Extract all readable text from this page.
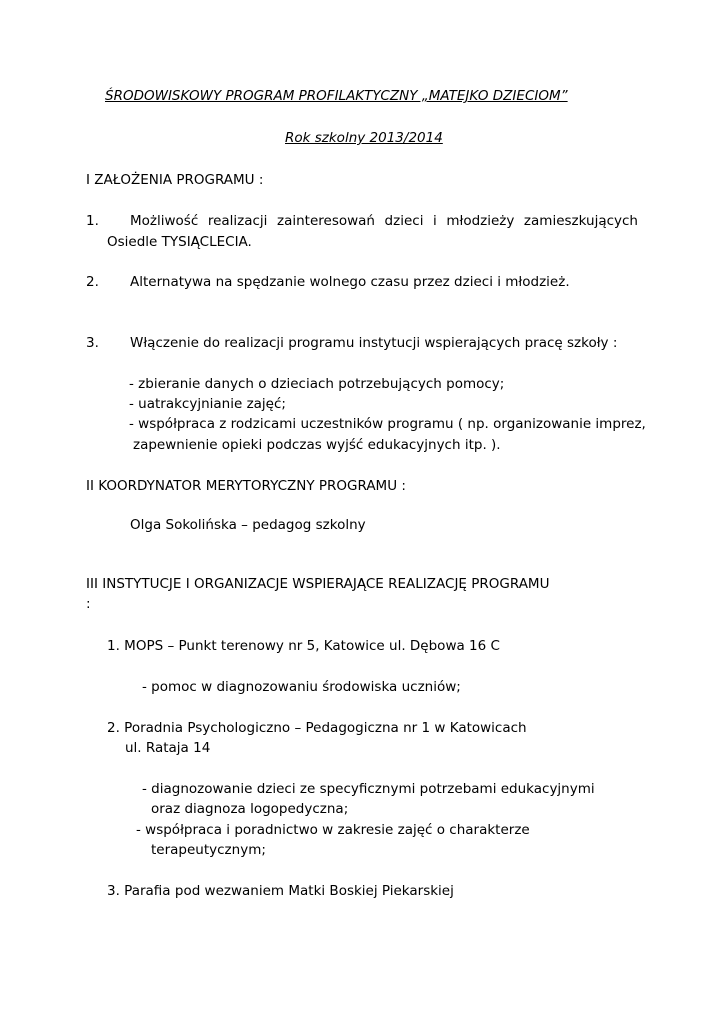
ŚRODOWISKOWY PROGRAM PROFILAKTYCZNY „MATEJKO DZIECIOM”
Rok szkolny 2013/2014
I ZAŁOŻENIA PROGRAMU :
1. Możliwość realizacji zainteresowań dzieci i młodzieży zamieszkujących
Osiedle TYSIĄCLECIA.
2. Alternatywa na spędzanie wolnego czasu przez dzieci i młodzież.
3. Włączenie do realizacji programu instytucji wspierających pracę szkoły :
- zbieranie danych o dzieciach potrzebujących pomocy;
- uatrakcyjnianie zajęć;
- współpraca z rodzicami uczestników programu ( np. organizowanie imprez,
zapewnienie opieki podczas wyjść edukacyjnych itp. ).
II KOORDYNATOR MERYTORYCZNY PROGRAMU :
Olga Sokolińska – pedagog szkolny
III INSTYTUCJE I ORGANIZACJE WSPIERAJĄCE REALIZACJĘ PROGRAMU
:
1. MOPS – Punkt terenowy nr 5, Katowice ul. Dębowa 16 C
- pomoc w diagnozowaniu środowiska uczniów;
2. Poradnia Psychologiczno – Pedagogiczna nr 1 w Katowicach
ul. Rataja 14
- diagnozowanie dzieci ze specyficznymi potrzebami edukacyjnymi
oraz diagnoza logopedyczna;
- współpraca i poradnictwo w zakresie zajęć o charakterze
terapeutycznym;
3. Parafia pod wezwaniem Matki Boskiej Piekarskiej
